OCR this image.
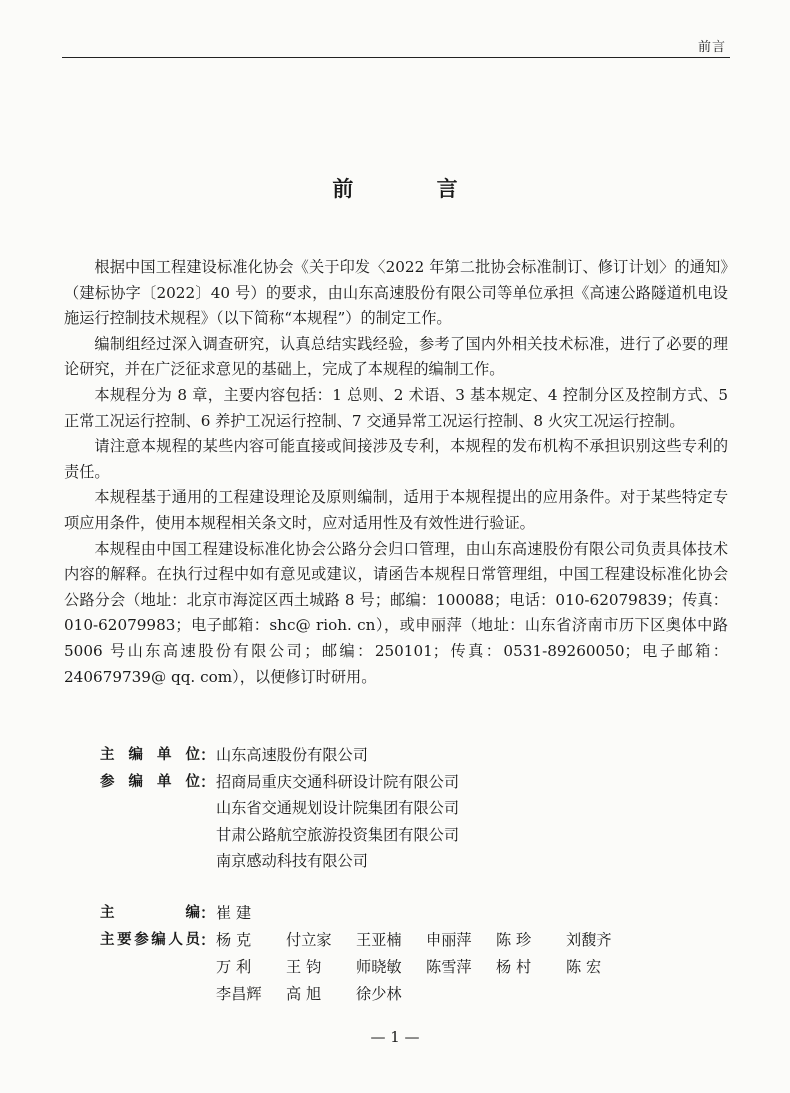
前言
前 言

根据中国工程建设标准化协会《关于印发〈2022 年第二批协会标准制订、修订计划〉的通知》（建标协字〔2022〕40 号）的要求，由山东高速股份有限公司等单位承担《高速公路隧道机电设施运行控制技术规程》（以下简称“本规程”）的制定工作。

编制组经过深入调查研究，认真总结实践经验，参考了国内外相关技术标准，进行了必要的理论研究，并在广泛征求意见的基础上，完成了本规程的编制工作。

本规程分为 8 章，主要内容包括：1 总则、2 术语、3 基本规定、4 控制分区及控制方式、5 正常工况运行控制、6 养护工况运行控制、7 交通异常工况运行控制、8 火灾工况运行控制。

请注意本规程的某些内容可能直接或间接涉及专利，本规程的发布机构不承担识别这些专利的责任。

本规程基于通用的工程建设理论及原则编制，适用于本规程提出的应用条件。对于某些特定专项应用条件，使用本规程相关条文时，应对适用性及有效性进行验证。

本规程由中国工程建设标准化协会公路分会归口管理，由山东高速股份有限公司负责具体技术内容的解释。在执行过程中如有意见或建议，请函告本规程日常管理组，中国工程建设标准化协会公路分会（地址：北京市海淀区西土城路 8 号；邮编：100088；电话：010-62079839；传真：010-62079983；电子邮箱：shc@ rioh. cn），或申丽萍（地址：山东省济南市历下区奥体中路 5006 号山东高速股份有限公司；邮编：250101；传真：0531-89260050；电子邮箱：240679739@ qq. com），以便修订时研用。

主编单位 ： 山东高速股份有限公司
参编单位 ： 招商局重庆交通科研设计院有限公司
山东省交通规划设计院集团有限公司
甘肃公路航空旅游投资集团有限公司
南京感动科技有限公司
主编 ： 崔 建
主要参编人员 ： 杨 克	付立家	王亚楠	申丽萍	陈 珍	刘馥齐
万 利	王 钧	师晓敏	陈雪萍	杨 村	陈 宏
李昌辉	高 旭	徐少林
— 1 —
